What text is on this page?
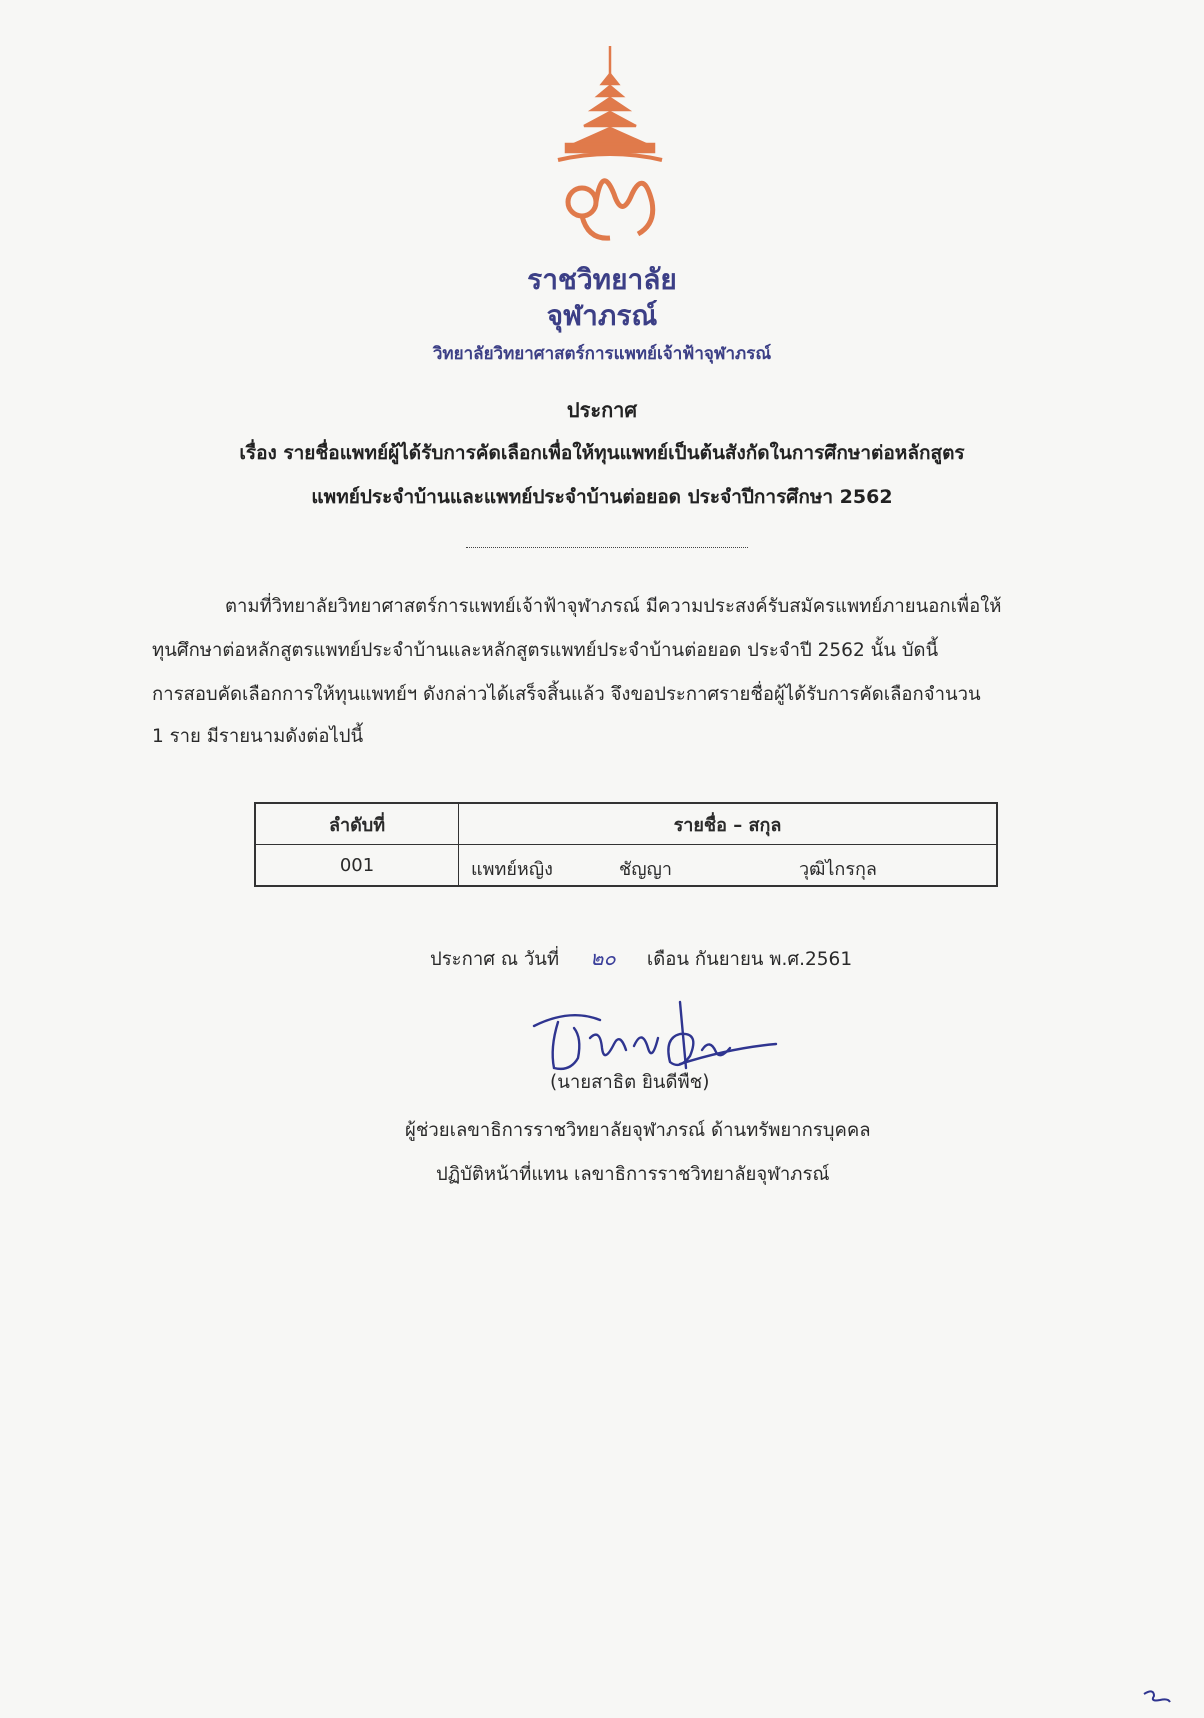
ราชวิทยาลัย
จุฬาภรณ์
วิทยาลัยวิทยาศาสตร์การแพทย์เจ้าฟ้าจุฬาภรณ์
ประกาศ
เรื่อง รายชื่อแพทย์ผู้ได้รับการคัดเลือกเพื่อให้ทุนแพทย์เป็นต้นสังกัดในการศึกษาต่อหลักสูตร
แพทย์ประจำบ้านและแพทย์ประจำบ้านต่อยอด ประจำปีการศึกษา 2562
ตามที่วิทยาลัยวิทยาศาสตร์การแพทย์เจ้าฟ้าจุฬาภรณ์ มีความประสงค์รับสมัครแพทย์ภายนอกเพื่อให้
ทุนศึกษาต่อหลักสูตรแพทย์ประจำบ้านและหลักสูตรแพทย์ประจำบ้านต่อยอด ประจำปี 2562 นั้น บัดนี้
การสอบคัดเลือกการให้ทุนแพทย์ฯ ดังกล่าวได้เสร็จสิ้นแล้ว จึงขอประกาศรายชื่อผู้ได้รับการคัดเลือกจำนวน
1 ราย มีรายนามดังต่อไปนี้
ลำดับที่	รายชื่อ – สกุล
001	แพทย์หญิง ชัญญา วุฒิไกรกุล
ประกาศ ณ วันที่ ๒๐ เดือน กันยายน พ.ศ.2561
(นายสาธิต ยินดีพืช)
ผู้ช่วยเลขาธิการราชวิทยาลัยจุฬาภรณ์ ด้านทรัพยากรบุคคล
ปฏิบัติหน้าที่แทน เลขาธิการราชวิทยาลัยจุฬาภรณ์
